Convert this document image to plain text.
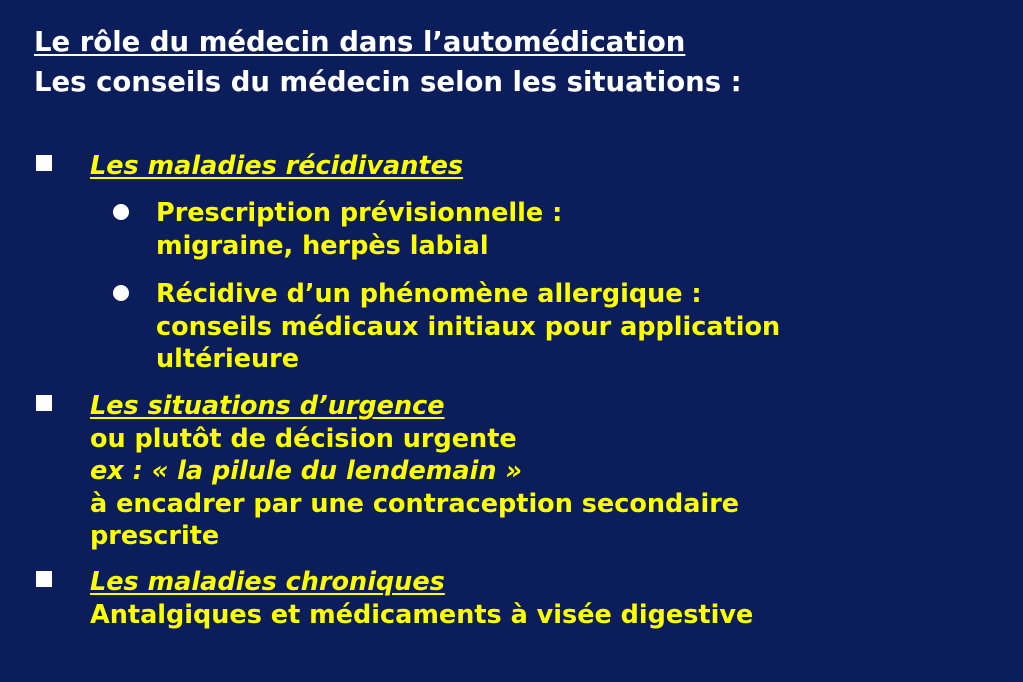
Le rôle du médecin dans l’automédication
Les conseils du médecin selon les situations :
Les maladies récidivantes
Prescription prévisionnelle :
migraine, herpès labial
Récidive d’un phénomène allergique :
conseils médicaux initiaux pour application
ultérieure
Les situations d’urgence
ou plutôt de décision urgente
ex : « la pilule du lendemain »
à encadrer par une contraception secondaire
prescrite
Les maladies chroniques
Antalgiques et médicaments à visée digestive
